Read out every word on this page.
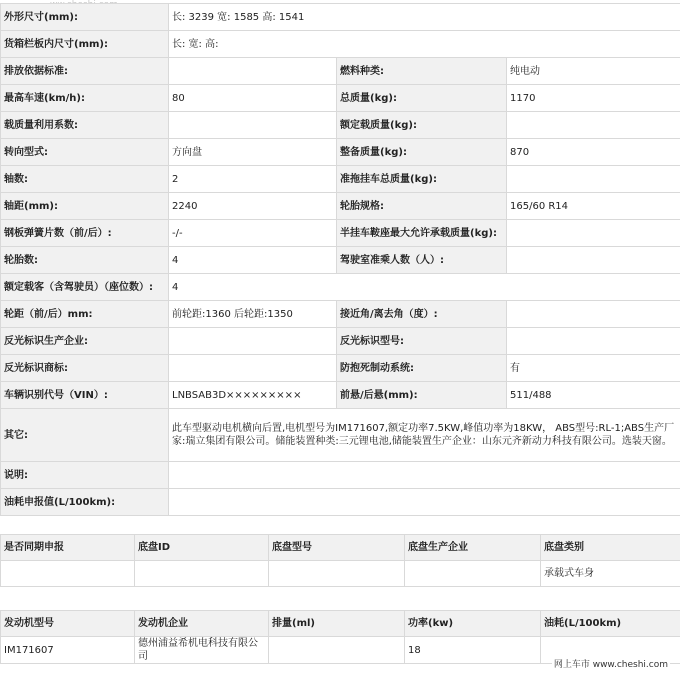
外形尺寸(mm):	长: 3239 宽: 1585 高: 1541		
货箱栏板内尺寸(mm):	长: 宽: 高:		
排放依据标准:		燃料种类:	纯电动
最高车速(km/h):	80	总质量(kg):	1170
载质量利用系数:		额定载质量(kg):	
转向型式:	方向盘	整备质量(kg):	870
轴数:	2	准拖挂车总质量(kg):	
轴距(mm):	2240	轮胎规格:	165/60 R14
钢板弹簧片数（前/后）:	-/-	半挂车鞍座最大允许承载质量(kg):	
轮胎数:	4	驾驶室准乘人数（人）:	
额定载客（含驾驶员）（座位数）:	4		
轮距（前/后）mm:	前轮距:1360 后轮距:1350	接近角/离去角（度）:	
反光标识生产企业:		反光标识型号:	
反光标识商标:		防抱死制动系统:	有
车辆识别代号（VIN）:	LNBSAB3D×××××××××	前悬/后悬(mm):	511/488
其它:	此车型驱动电机横向后置,电机型号为IM171607,额定功率7.5KW,峰值功率为18KW， ABS型号:RL-1;ABS生产厂家:瑞立集团有限公司。储能装置种类:三元锂电池,储能装置生产企业：山东元齐新动力科技有限公司。选装天窗。		
说明:			
油耗申报值(L/100km):			
是否同期申报	底盘ID	底盘型号	底盘生产企业	底盘类别
				承载式车身
发动机型号	发动机企业	排量(ml)	功率(kw)	油耗(L/100km)
IM171607	德州浦益希机电科技有限公司		18	
网上车市 www.cheshi.com
